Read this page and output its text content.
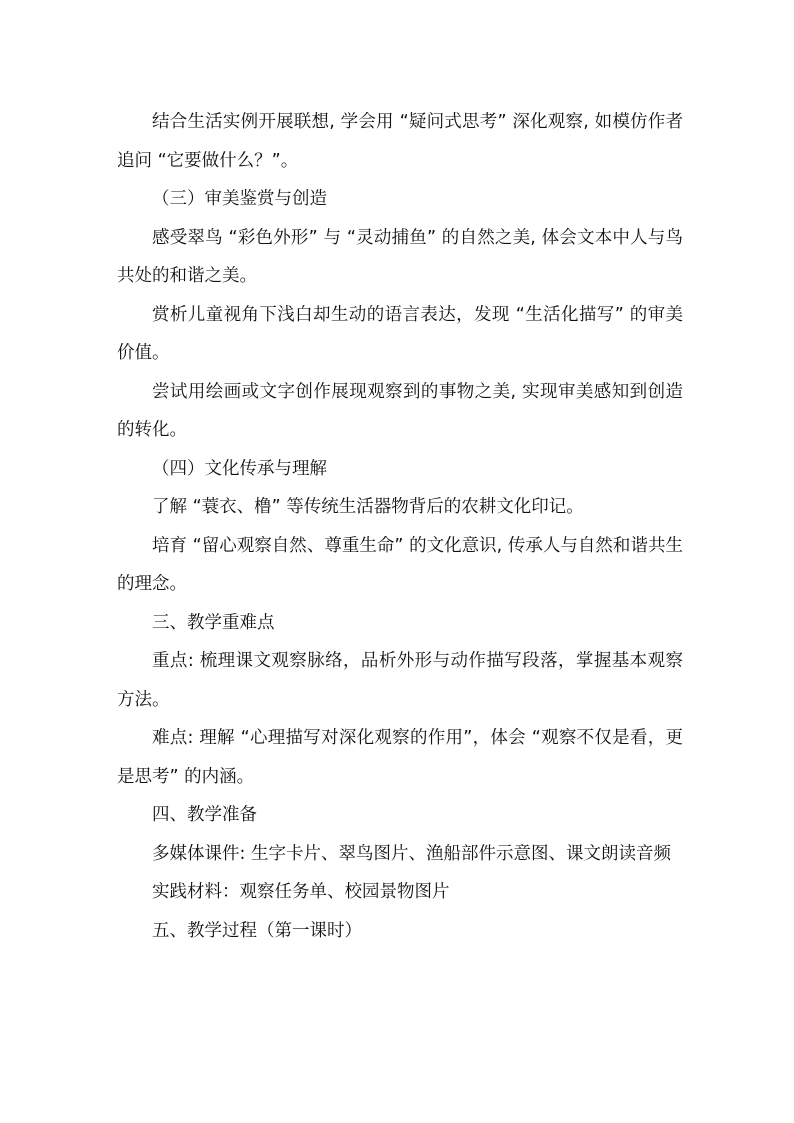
结合生活实例开展联想, 学会用 “疑问式思考” 深化观察, 如模仿作者追问 “它要做什么？”。

（三）审美鉴赏与创造

感受翠鸟 “彩色外形” 与 “灵动捕鱼” 的自然之美, 体会文本中人与鸟共处的和谐之美。

赏析儿童视角下浅白却生动的语言表达，发现 “生活化描写” 的审美价值。

尝试用绘画或文字创作展现观察到的事物之美, 实现审美感知到创造的转化。

（四）文化传承与理解

了解 “蓑衣、橹” 等传统生活器物背后的农耕文化印记。

培育 “留心观察自然、尊重生命” 的文化意识, 传承人与自然和谐共生的理念。

三、教学重难点

重点: 梳理课文观察脉络，品析外形与动作描写段落，掌握基本观察方法。

难点: 理解 “心理描写对深化观察的作用”，体会 “观察不仅是看，更是思考” 的内涵。

四、教学准备

多媒体课件: 生字卡片、翠鸟图片、渔船部件示意图、课文朗读音频

实践材料：观察任务单、校园景物图片

五、教学过程（第一课时）
